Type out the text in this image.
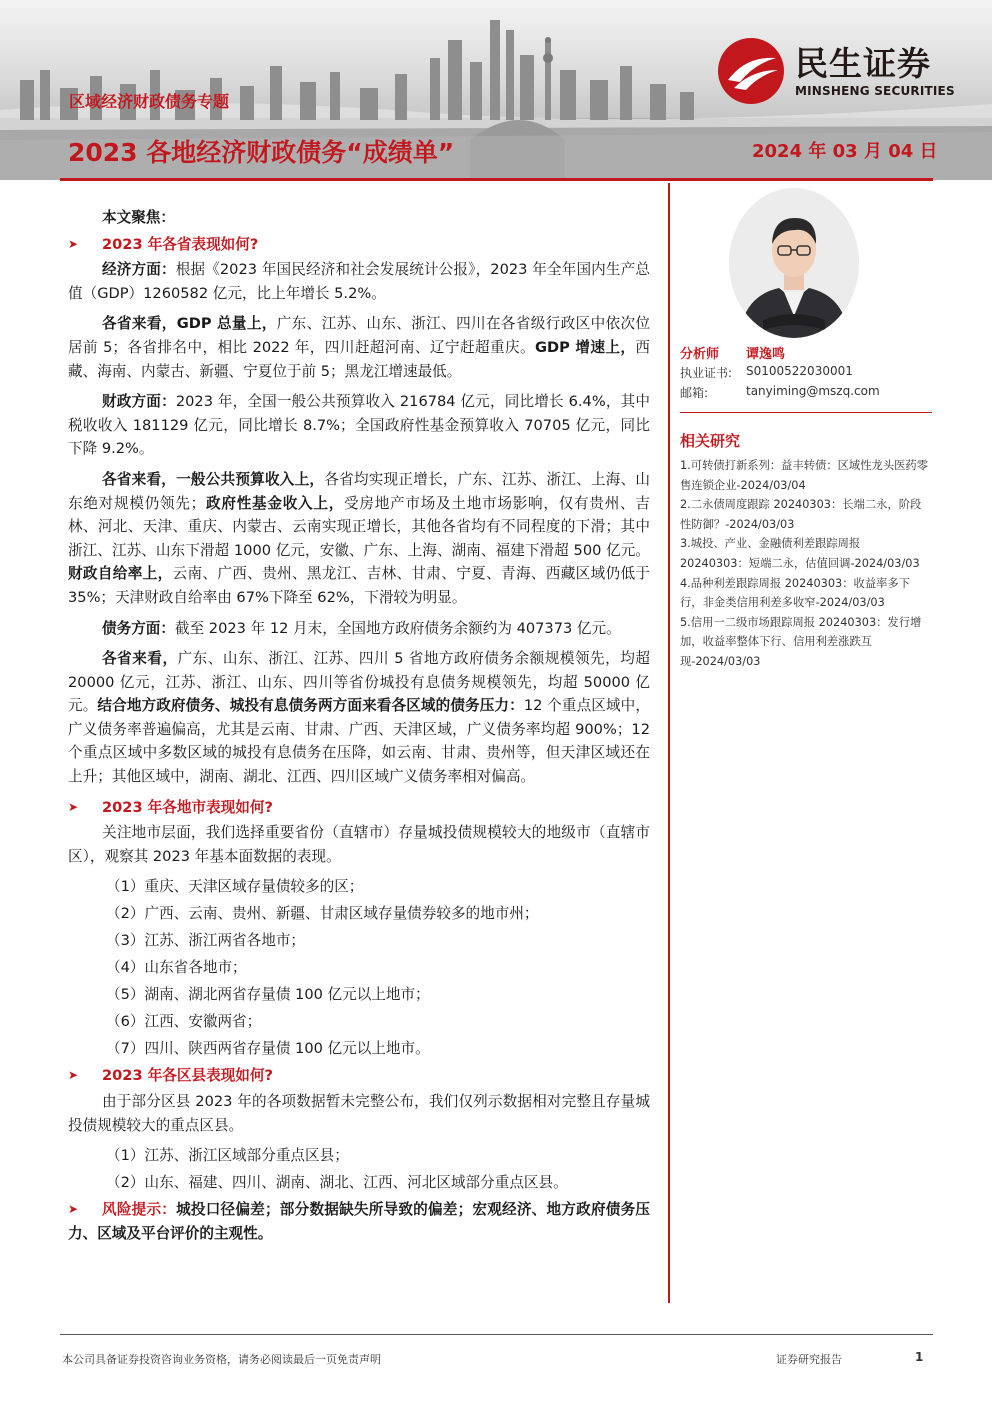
区域经济财政债务专题
2023 各地经济财政债务“成绩单”	2024 年 03 月 04 日
民生证券
MINSHENG SECURITIES

本文聚焦：

➤ 2023 年各省表现如何?

经济方面：根据《2023 年国民经济和社会发展统计公报》，2023 年全年国内生产总值（GDP）1260582 亿元，比上年增长 5.2%。

各省来看，GDP 总量上，广东、江苏、山东、浙江、四川在各省级行政区中依次位居前 5；各省排名中，相比 2022 年，四川赶超河南、辽宁赶超重庆。GDP 增速上，西藏、海南、内蒙古、新疆、宁夏位于前 5；黑龙江增速最低。

财政方面：2023 年，全国一般公共预算收入 216784 亿元，同比增长 6.4%，其中税收收入 181129 亿元，同比增长 8.7%；全国政府性基金预算收入 70705 亿元，同比下降 9.2%。

各省来看，一般公共预算收入上，各省均实现正增长，广东、江苏、浙江、上海、山东绝对规模仍领先；政府性基金收入上，受房地产市场及土地市场影响，仅有贵州、吉林、河北、天津、重庆、内蒙古、云南实现正增长，其他各省均有不同程度的下滑；其中浙江、江苏、山东下滑超 1000 亿元，安徽、广东、上海、湖南、福建下滑超 500 亿元。财政自给率上，云南、广西、贵州、黑龙江、吉林、甘肃、宁夏、青海、西藏区域仍低于 35%；天津财政自给率由 67%下降至 62%，下滑较为明显。

债务方面：截至 2023 年 12 月末，全国地方政府债务余额约为 407373 亿元。

各省来看，广东、山东、浙江、江苏、四川 5 省地方政府债务余额规模领先，均超 20000 亿元，江苏、浙江、山东、四川等省份城投有息债务规模领先，均超 50000 亿元。结合地方政府债务、城投有息债务两方面来看各区域的债务压力：12 个重点区域中，广义债务率普遍偏高，尤其是云南、甘肃、广西、天津区域，广义债务率均超 900%；12 个重点区域中多数区域的城投有息债务在压降，如云南、甘肃、贵州等，但天津区域还在上升；其他区域中，湖南、湖北、江西、四川区域广义债务率相对偏高。

➤ 2023 年各地市表现如何?

关注地市层面，我们选择重要省份（直辖市）存量城投债规模较大的地级市（直辖市区），观察其 2023 年基本面数据的表现。

（1）重庆、天津区域存量债较多的区；

（2）广西、云南、贵州、新疆、甘肃区域存量债券较多的地市州；

（3）江苏、浙江两省各地市；

（4）山东省各地市；

（5）湖南、湖北两省存量债 100 亿元以上地市；

（6）江西、安徽两省；

（7）四川、陕西两省存量债 100 亿元以上地市。

➤ 2023 年各区县表现如何?

由于部分区县 2023 年的各项数据暂未完整公布，我们仅列示数据相对完整且存量城投债规模较大的重点区县。

（1）江苏、浙江区域部分重点区县；

（2）山东、福建、四川、湖南、湖北、江西、河北区域部分重点区县。

➤ 风险提示：城投口径偏差；部分数据缺失所导致的偏差；宏观经济、地方政府债务压力、区域及平台评价的主观性。

分析师 谭逸鸣
执业证书: S0100522030001
邮箱:	tanyiming@mszq.com
相关研究

1.可转债打新系列：益丰转债：区域性龙头医药零售连锁企业-2024/03/04

2.二永债周度跟踪 20240303：长端二永，阶段性防御？-2024/03/03

3.城投、产业、金融债利差跟踪周报 20240303：短端二永，估值回调-2024/03/03

4.品种利差跟踪周报 20240303：收益率多下行，非金类信用利差多收窄-2024/03/03

5.信用一二级市场跟踪周报 20240303：发行增加，收益率整体下行、信用利差涨跌互现-2024/03/03

本公司具备证券投资咨询业务资格，请务必阅读最后一页免责声明	证券研究报告	1
